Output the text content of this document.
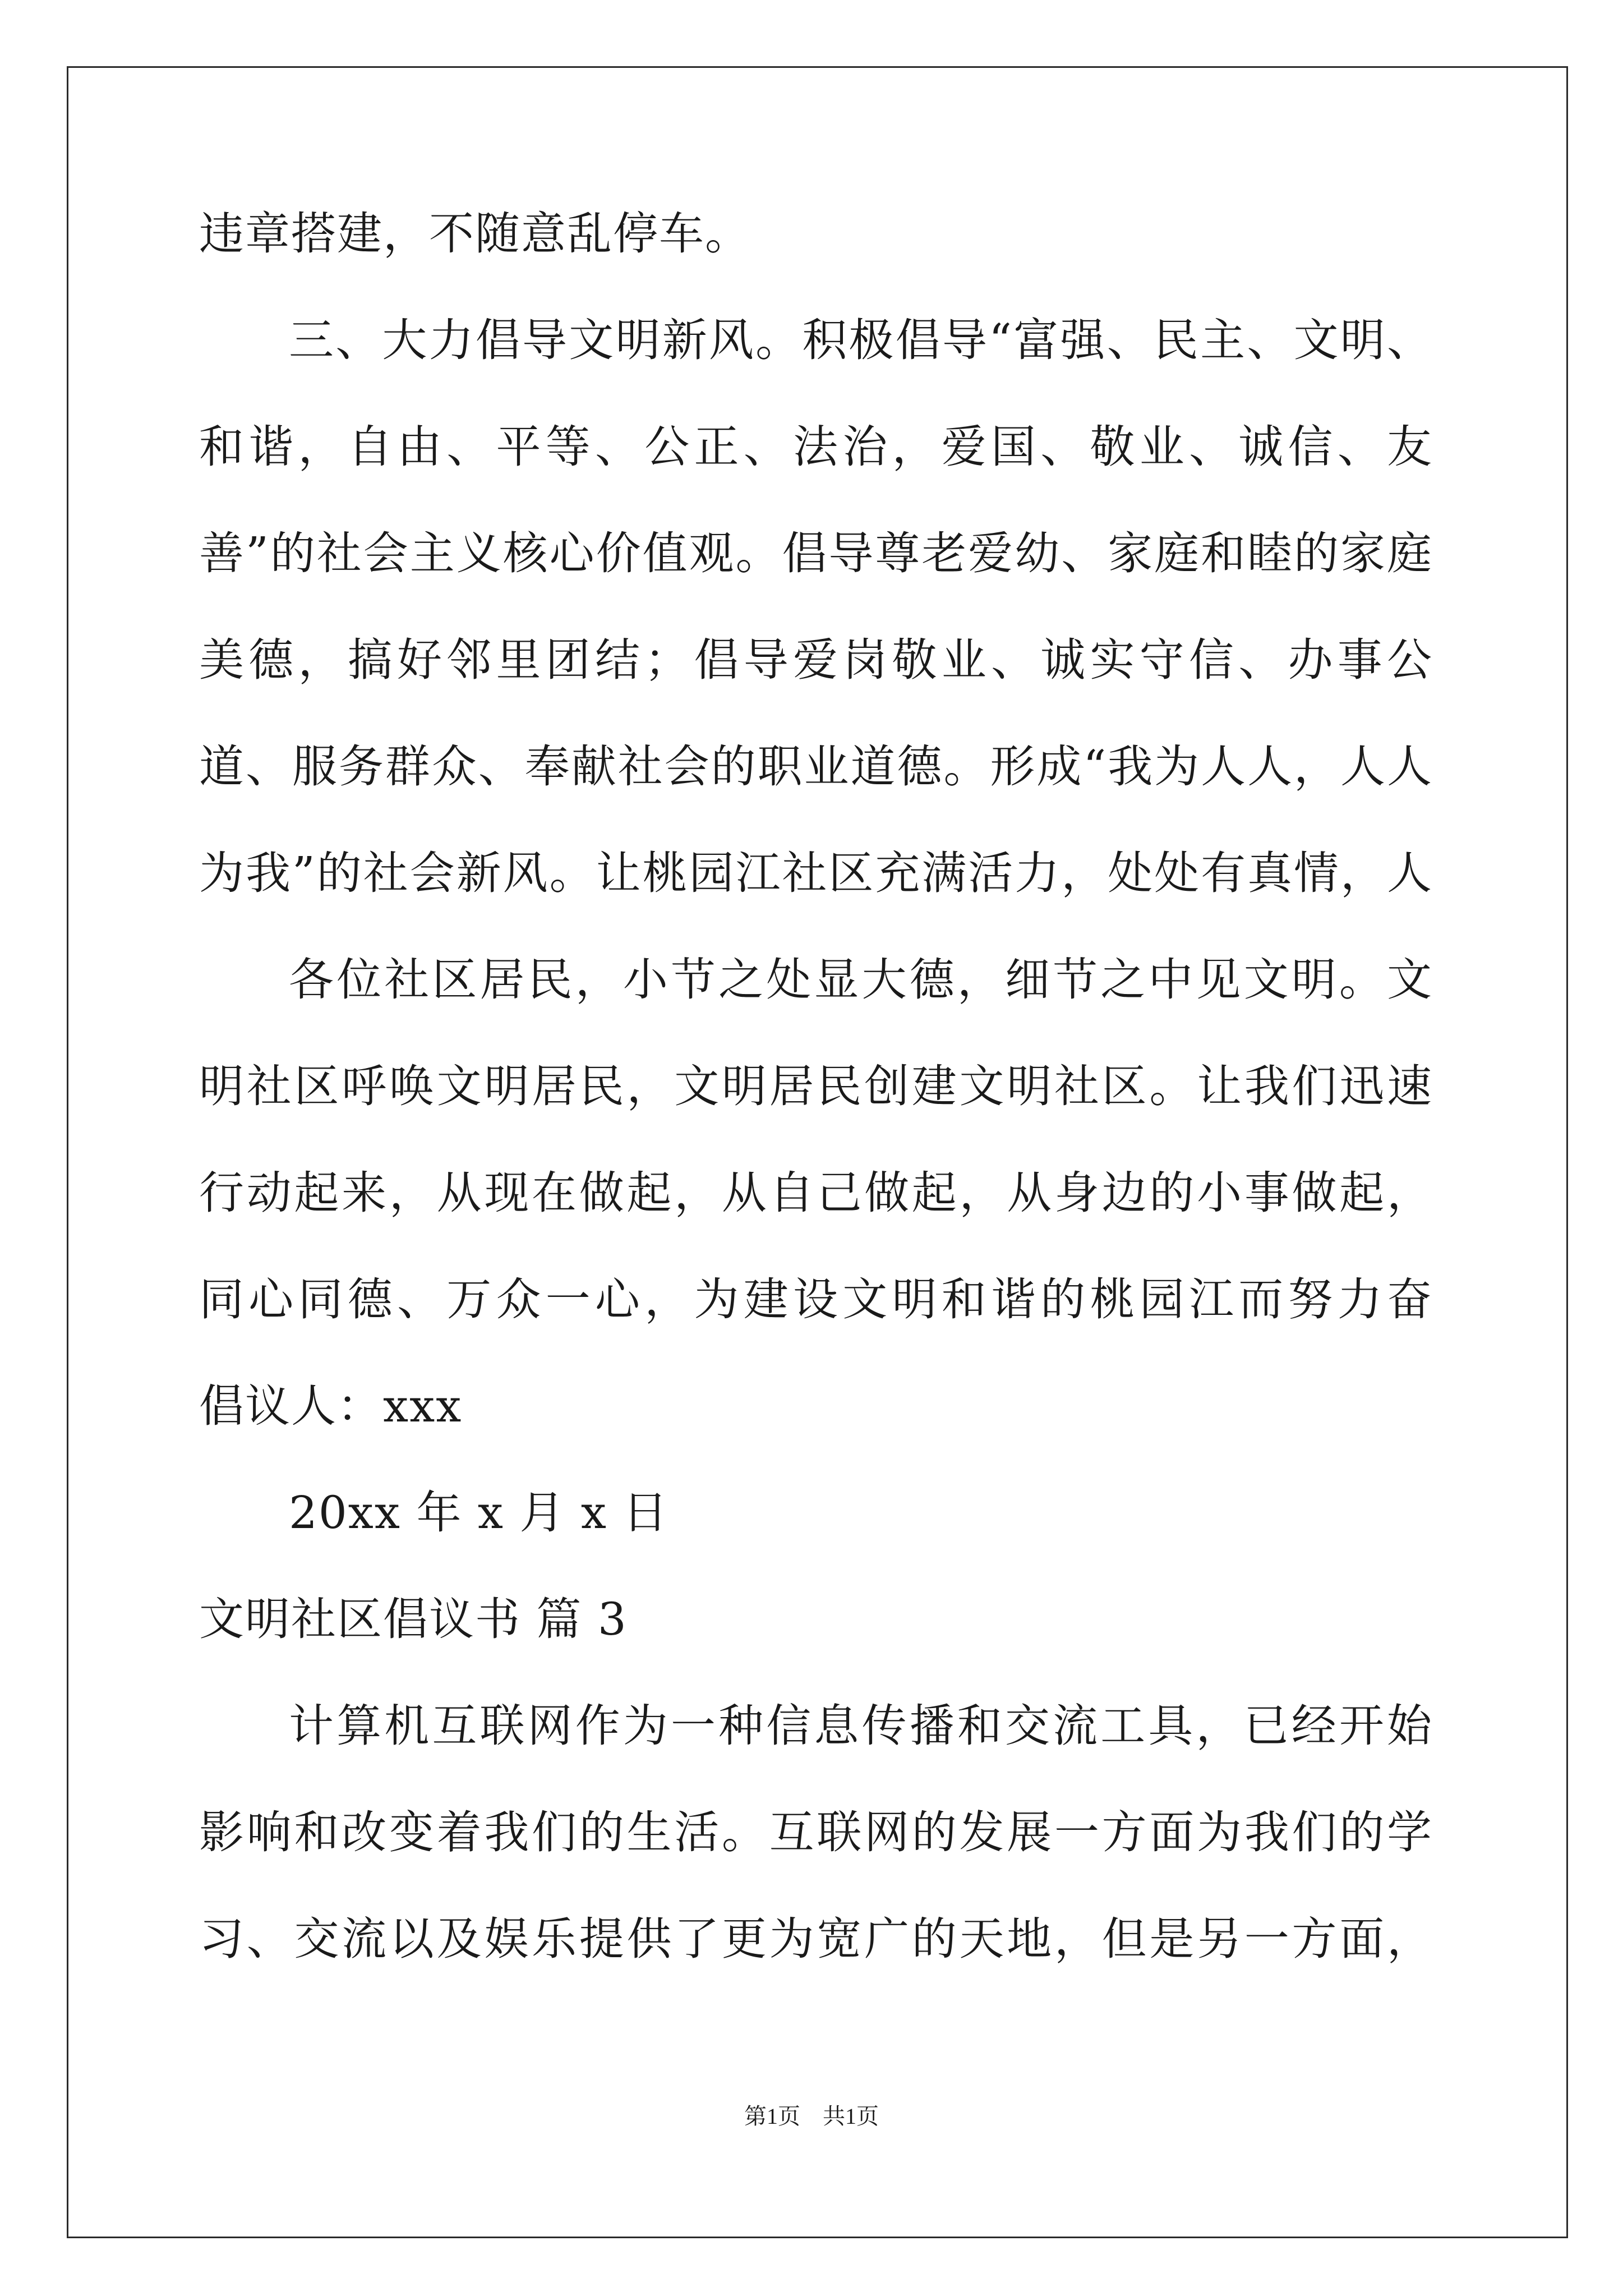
违章搭建，不随意乱停车。

三、大力倡导文明新风。积极倡导“富强、民主、文明、和谐，自由、平等、公正、法治，爱国、敬业、诚信、友善”的社会主义核心价值观。倡导尊老爱幼、家庭和睦的家庭美德，搞好邻里团结；倡导爱岗敬业、诚实守信、办事公道、服务群众、奉献社会的职业道德。形成“我为人人，人人为我”的社会新风。让桃园江社区充满活力，处处有真情，人

各位社区居民，小节之处显大德，细节之中见文明。文明社区呼唤文明居民，文明居民创建文明社区。让我们迅速行动起来，从现在做起，从自己做起，从身边的小事做起，同心同德、万众一心，为建设文明和谐的桃园江而努力奋

倡议人：xxx

20xx 年 x 月 x 日

文明社区倡议书 篇 3

计算机互联网作为一种信息传播和交流工具，已经开始影响和改变着我们的生活。互联网的发展一方面为我们的学习、交流以及娱乐提供了更为宽广的天地，但是另一方面，

第1页　共1页
